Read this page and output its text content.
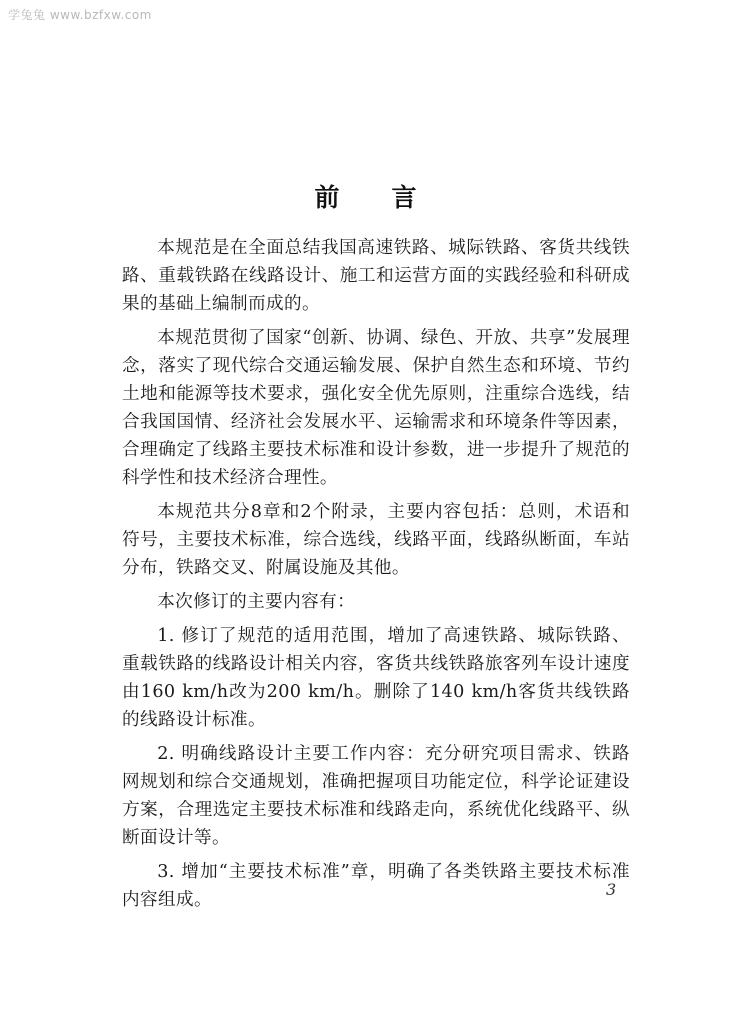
学兔兔 www.bzfxw.com
前言

本规范是在全面总结我国高速铁路、城际铁路、客货共线铁路、重载铁路在线路设计、施工和运营方面的实践经验和科研成果的基础上编制而成的。

本规范贯彻了国家“创新、协调、绿色、开放、共享”发展理念，落实了现代综合交通运输发展、保护自然生态和环境、节约土地和能源等技术要求，强化安全优先原则，注重综合选线，结合我国国情、经济社会发展水平、运输需求和环境条件等因素，合理确定了线路主要技术标准和设计参数，进一步提升了规范的科学性和技术经济合理性。

本规范共分8章和2个附录，主要内容包括：总则，术语和符号，主要技术标准，综合选线，线路平面，线路纵断面，车站分布，铁路交叉、附属设施及其他。

本次修订的主要内容有：

1. 修订了规范的适用范围，增加了高速铁路、城际铁路、重载铁路的线路设计相关内容，客货共线铁路旅客列车设计速度由160 km/h改为200 km/h。删除了140 km/h客货共线铁路的线路设计标准。

2. 明确线路设计主要工作内容：充分研究项目需求、铁路网规划和综合交通规划，准确把握项目功能定位，科学论证建设方案，合理选定主要技术标准和线路走向，系统优化线路平、纵断面设计等。

3. 增加“主要技术标准”章，明确了各类铁路主要技术标准内容组成。

3
